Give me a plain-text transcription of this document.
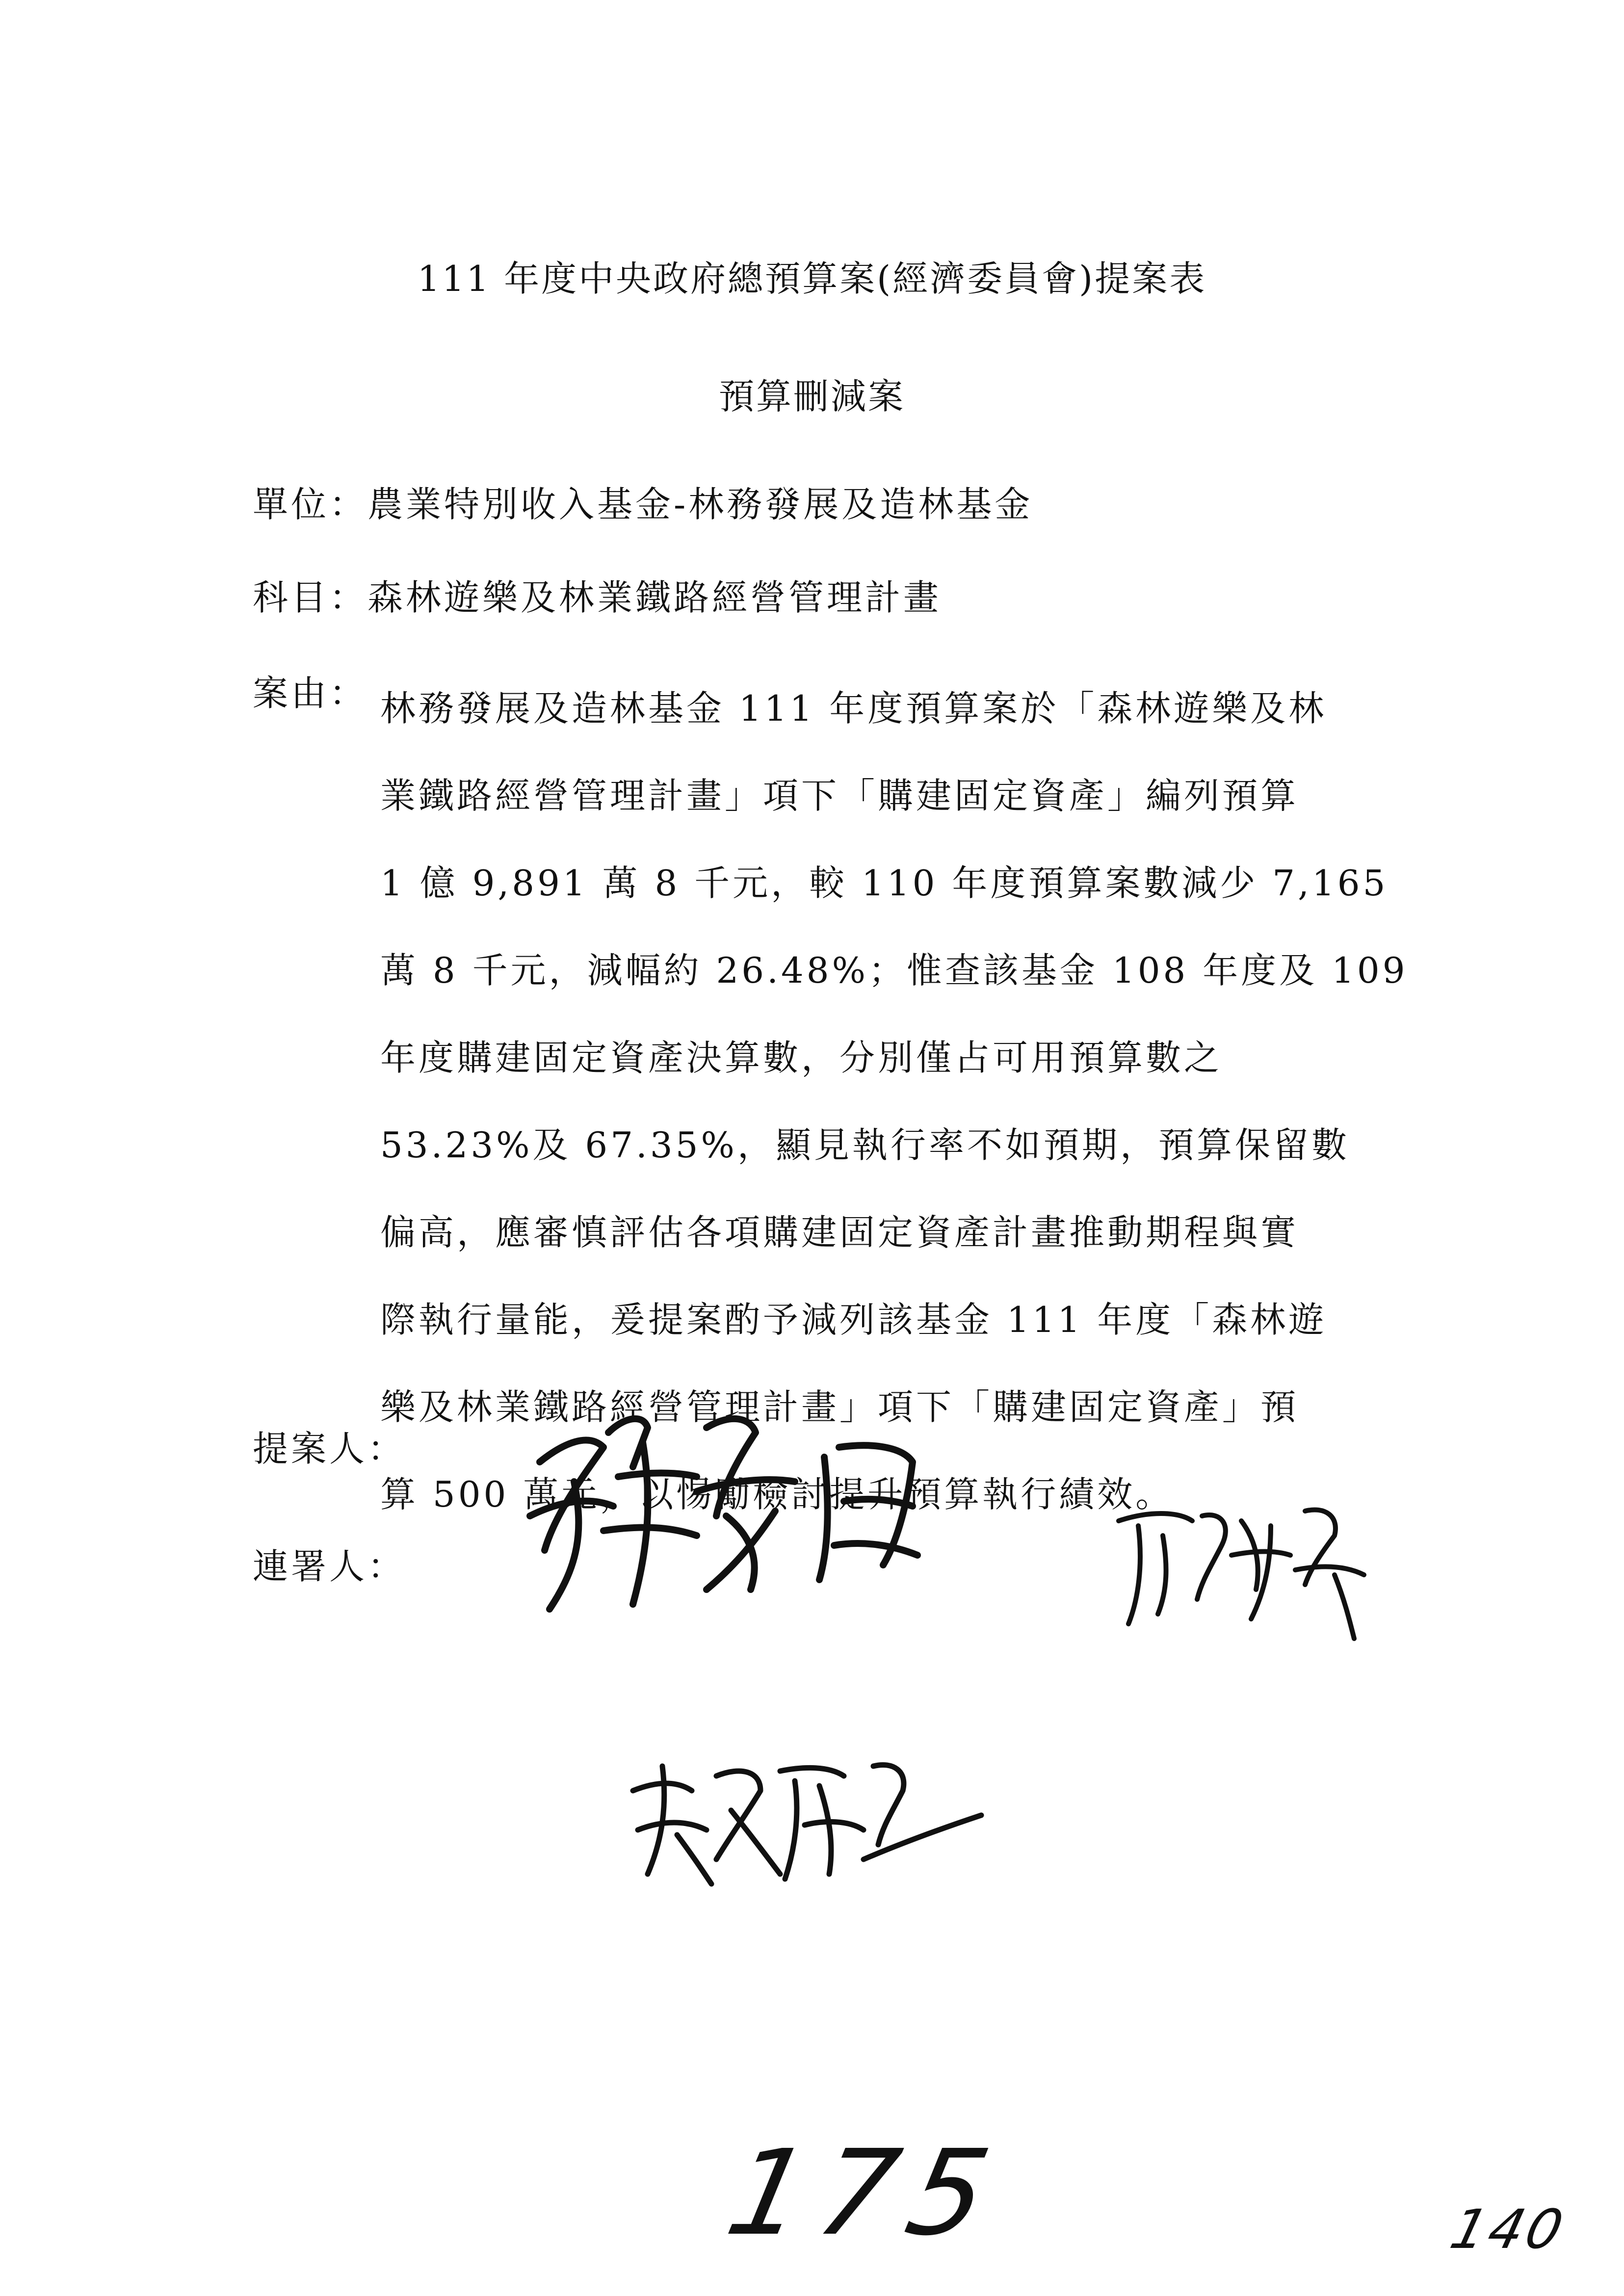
111 年度中央政府總預算案(經濟委員會)提案表
預算刪減案
單位：農業特別收入基金-林務發展及造林基金
科目：森林遊樂及林業鐵路經營管理計畫
案由： 林務發展及造林基金 111 年度預算案於「森林遊樂及林
業鐵路經營管理計畫」項下「購建固定資產」編列預算
1 億 9,891 萬 8 千元，較 110 年度預算案數減少 7,165
萬 8 千元，減幅約 26.48%；惟查該基金 108 年度及 109
年度購建固定資產決算數，分別僅占可用預算數之
53.23%及 67.35%，顯見執行率不如預期，預算保留數
偏高，應審慎評估各項購建固定資產計畫推動期程與實
際執行量能，爰提案酌予減列該基金 111 年度「森林遊
樂及林業鐵路經營管理計畫」項下「購建固定資產」預
算 500 萬元，以惕勵檢討提升預算執行績效。
提案人：
連署人：
175	140
